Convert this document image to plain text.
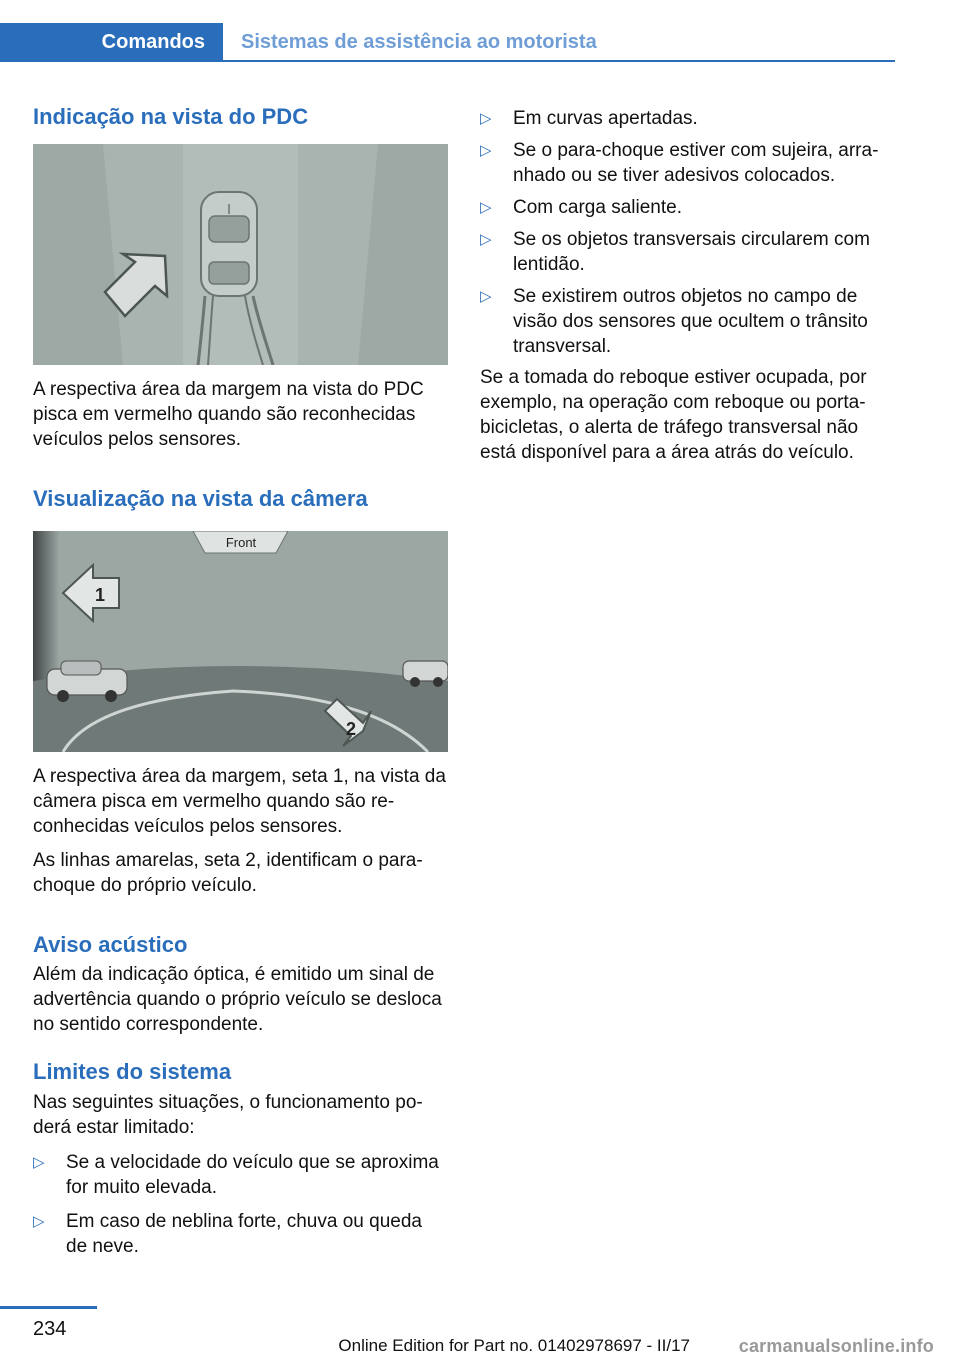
Comandos	Sistemas de assistência ao motorista
Indicação na vista do PDC

A respectiva área da margem na vista do PDC pisca em vermelho quando são reconhecidas veículos pelos sensores.

Visualização na vista da câmera
Front
1
2

A respectiva área da margem, seta 1, na vista da câmera pisca em vermelho quando são reconhecidas veículos pelos sensores.

As linhas amarelas, seta 2, identificam o para-choque do próprio veículo.

Aviso acústico

Além da indicação óptica, é emitido um sinal de advertência quando o próprio veículo se desloca no sentido correspondente.

Limites do sistema

Nas seguintes situações, o funcionamento poderá estar limitado:

▷ Se a velocidade do veículo que se aproxima for muito elevada.
▷ Em caso de neblina forte, chuva ou queda de neve.
▷ Em curvas apertadas.
▷ Se o para-choque estiver com sujeira, arranhado ou se tiver adesivos colocados.
▷ Com carga saliente.
▷ Se os objetos transversais circularem com lentidão.
▷ Se existirem outros objetos no campo de visão dos sensores que ocultem o trânsito transversal.

Se a tomada do reboque estiver ocupada, por exemplo, na operação com reboque ou porta-bicicletas, o alerta de tráfego transversal não está disponível para a área atrás do veículo.

234
Online Edition for Part no. 01402978697 - II/17	carmanualsonline.info
